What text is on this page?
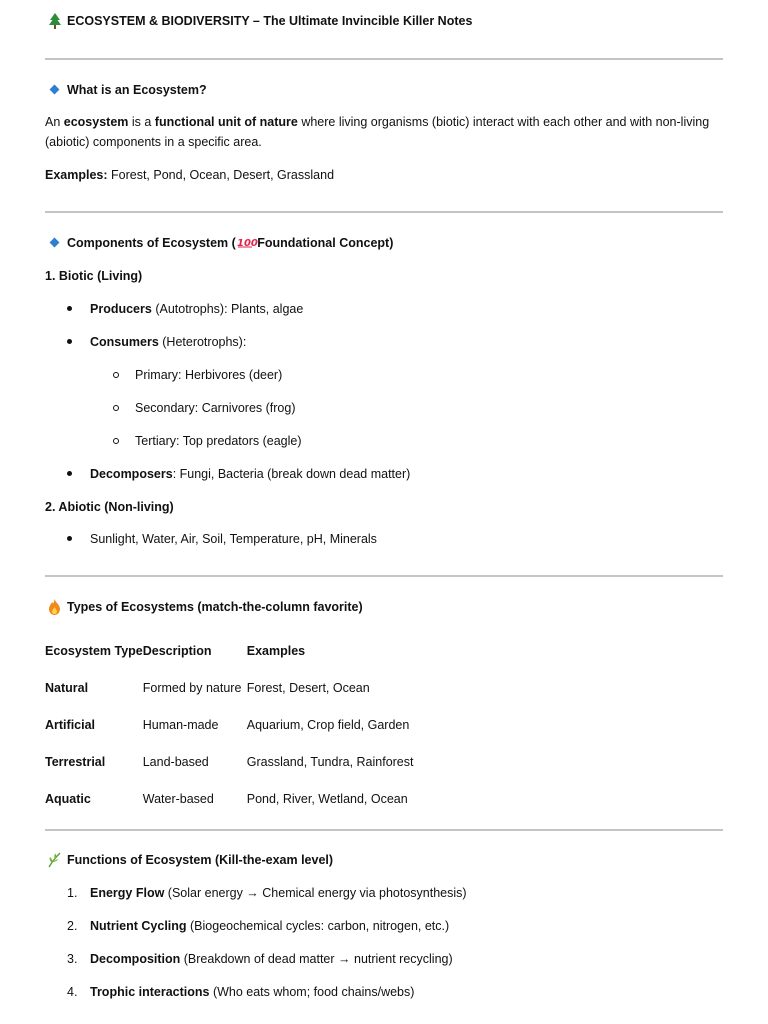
ECOSYSTEM & BIODIVERSITY – The Ultimate Invincible Killer Notes
What is an Ecosystem?
An ecosystem is a functional unit of nature where living organisms (biotic) interact with each other and with non-living
(abiotic) components in a specific area.
Examples: Forest, Pond, Ocean, Desert, Grassland
Components of Ecosystem ( 100
Foundational Concept)
1. Biotic (Living)
Producers (Autotrophs): Plants, algae
Consumers (Heterotrophs):
Primary: Herbivores (deer)
Secondary: Carnivores (frog)
Tertiary: Top predators (eagle)
Decomposers: Fungi, Bacteria (break down dead matter)
2. Abiotic (Non-living)
Sunlight, Water, Air, Soil, Temperature, pH, Minerals
Types of Ecosystems (match-the-column favorite)
Ecosystem Type	Description	Examples
Natural	Formed by nature	Forest, Desert, Ocean
Artificial	Human-made	Aquarium, Crop field, Garden
Terrestrial	Land-based	Grassland, Tundra, Rainforest
Aquatic	Water-based	Pond, River, Wetland, Ocean
Functions of Ecosystem (Kill-the-exam level)
1. Energy Flow (Solar energy → Chemical energy via photosynthesis)
2. Nutrient Cycling (Biogeochemical cycles: carbon, nitrogen, etc.)
3. Decomposition (Breakdown of dead matter → nutrient recycling)
4. Trophic interactions (Who eats whom; food chains/webs)
